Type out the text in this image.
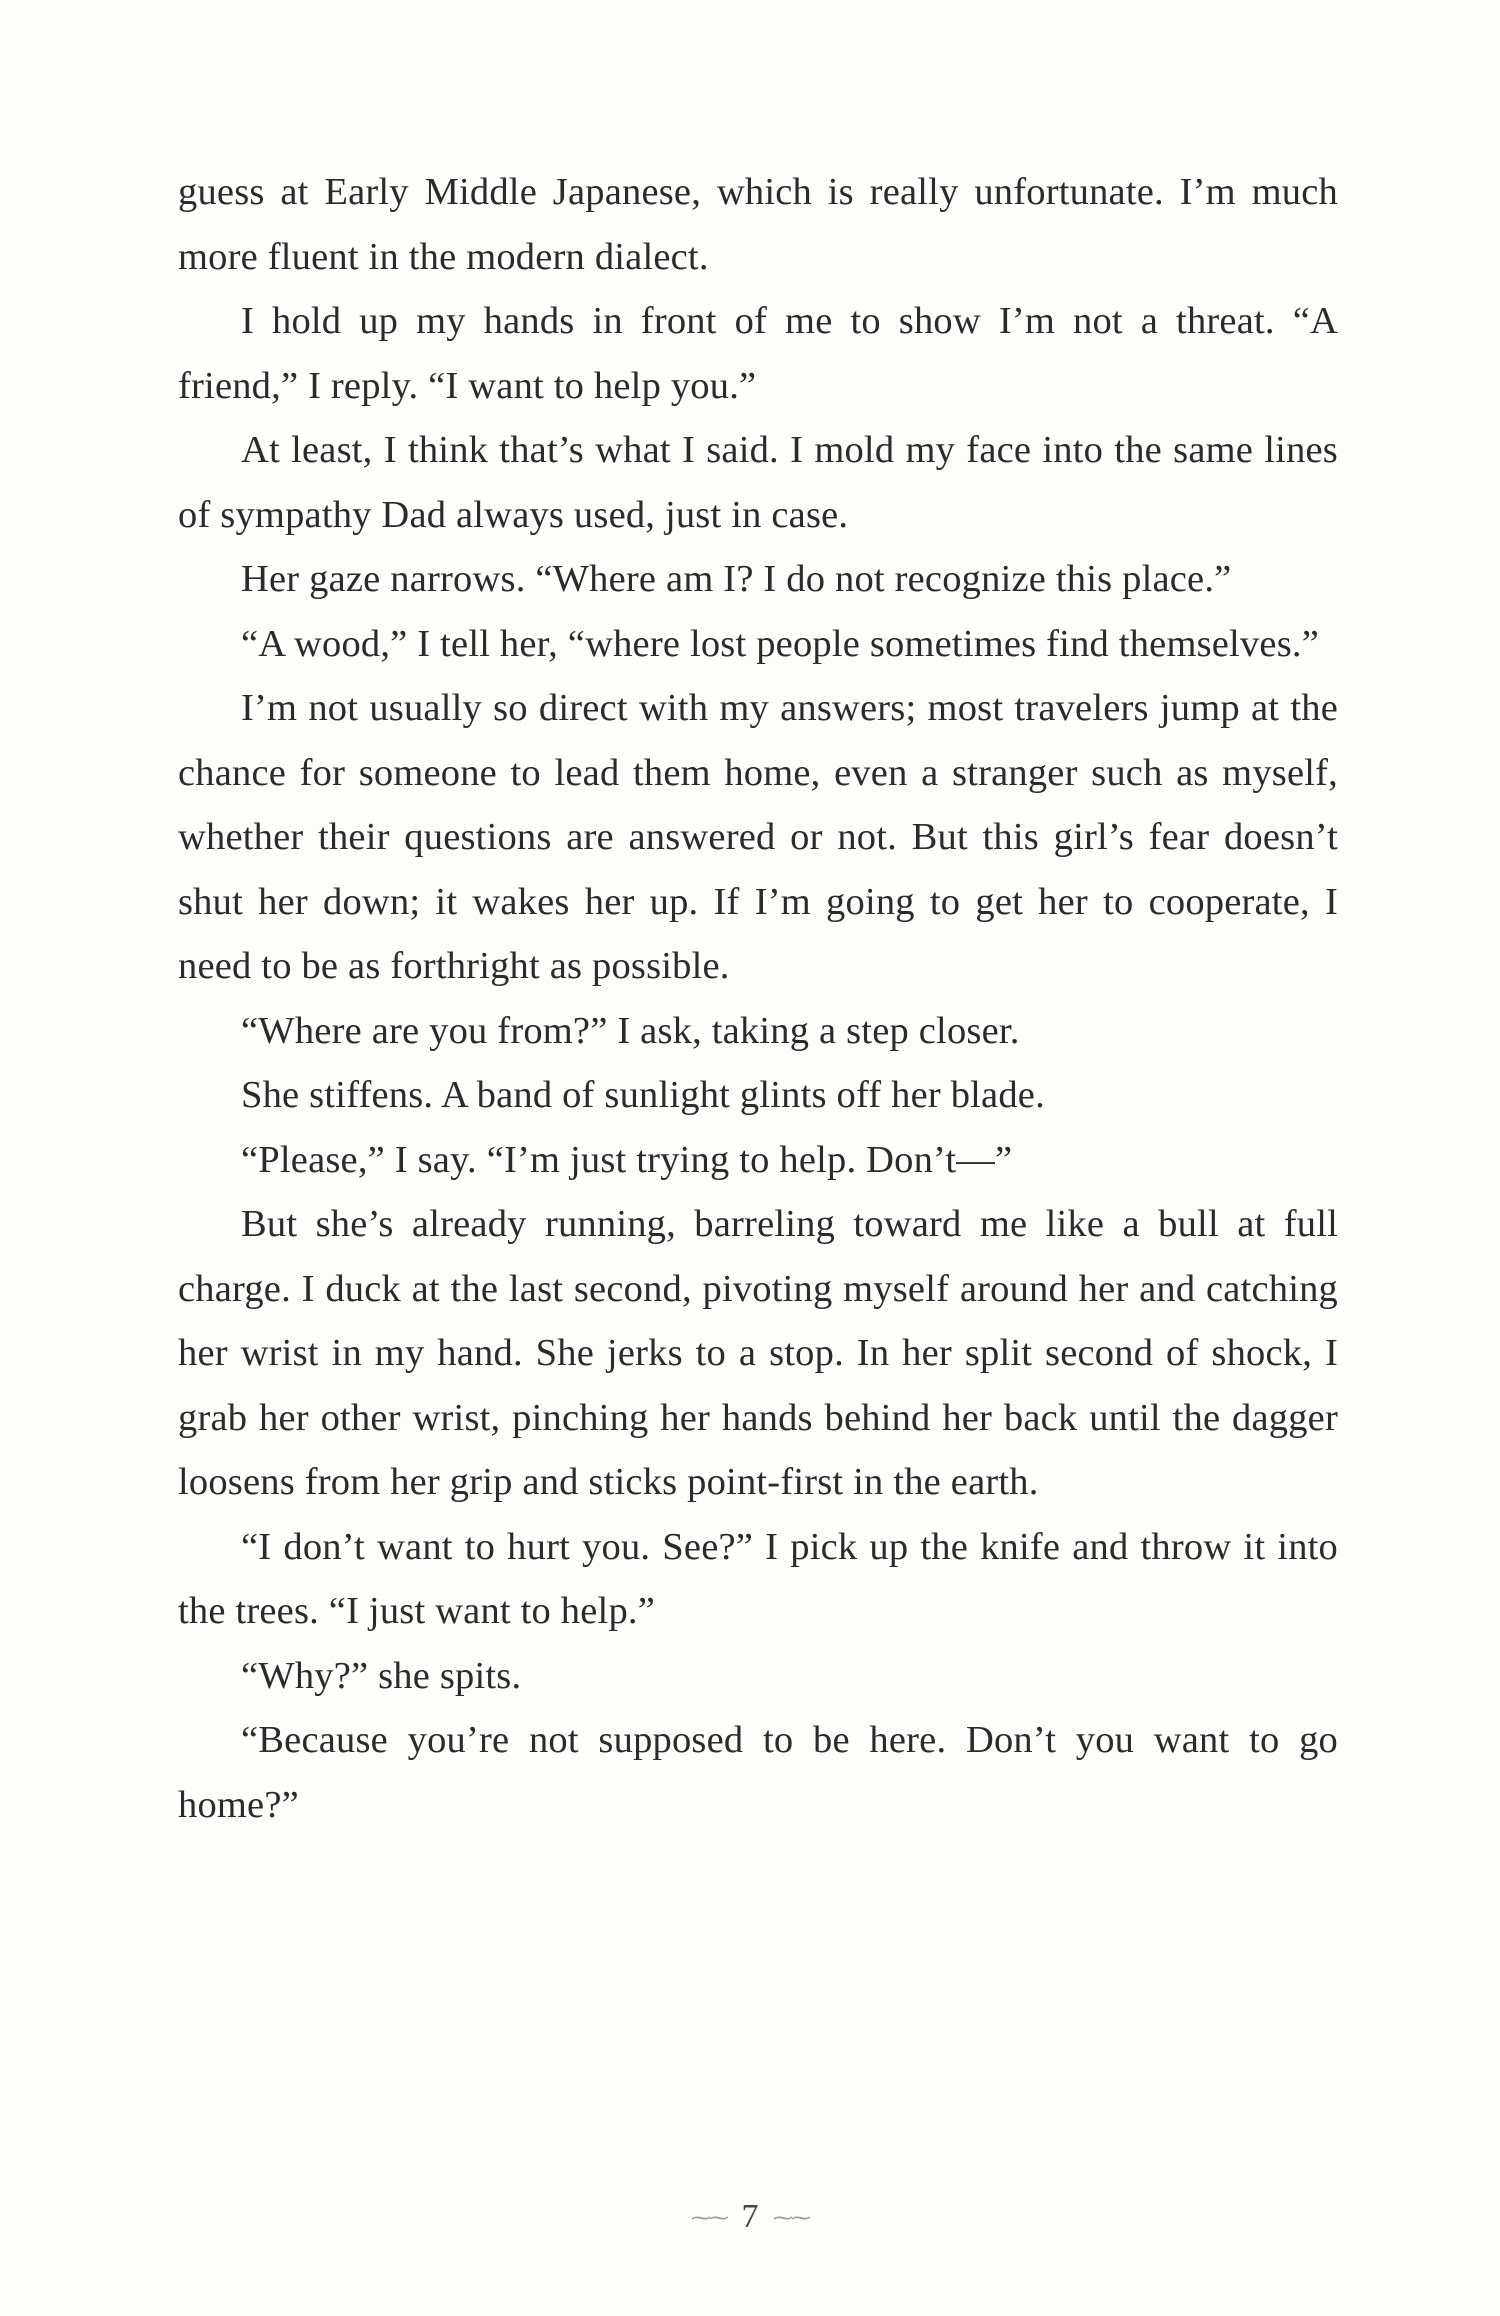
guess at Early Middle Japanese, which is really unfortunate. I’m much more fluent in the modern dialect.

I hold up my hands in front of me to show I’m not a threat. “A friend,” I reply. “I want to help you.”

At least, I think that’s what I said. I mold my face into the same lines of sympathy Dad always used, just in case.

Her gaze narrows. “Where am I? I do not recognize this place.”

“A wood,” I tell her, “where lost people sometimes find themselves.”

I’m not usually so direct with my answers; most travelers jump at the chance for someone to lead them home, even a stranger such as myself, whether their questions are answered or not. But this girl’s fear doesn’t shut her down; it wakes her up. If I’m going to get her to cooperate, I need to be as forthright as possible.

“Where are you from?” I ask, taking a step closer.

She stiffens. A band of sunlight glints off her blade.

“Please,” I say. “I’m just trying to help. Don’t—”

But she’s already running, barreling toward me like a bull at full charge. I duck at the last second, pivoting myself around her and catching her wrist in my hand. She jerks to a stop. In her split second of shock, I grab her other wrist, pinching her hands behind her back until the dagger loosens from her grip and sticks point-first in the earth.

“I don’t want to hurt you. See?” I pick up the knife and throw it into the trees. “I just want to help.”

“Why?” she spits.

“Because you’re not supposed to be here. Don’t you want to go home?”

⁓⁓ 7 ⁓⁓
